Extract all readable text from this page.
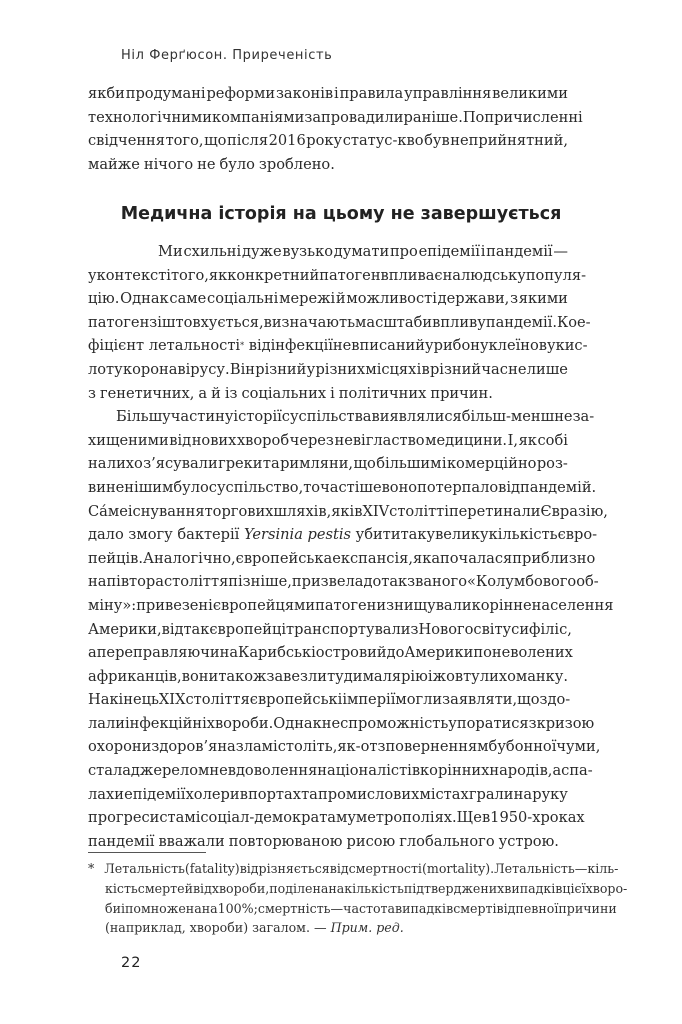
Ніл Ферґюсон. Приреченість
якби продумані реформи законів і правила управління великими
технологічними компаніями запровадили раніше. Попри численні
свідчення того, що після 2016 року статус-кво був неприйнятний,
майже нічого не було зроблено.
Медична історія на цьому не завершується
Ми схильні дуже вузько думати про епідемії і пандемії —
у контексті того, як конкретний патоген впливає на людську популя-
цію. Однак саме соціальні мережі й можливості держави, з якими
патоген зіштовхується, визначають масштаби впливу пандемії. Кое-
фіцієнт летальності *
від інфекції не вписаний у рибонуклеїнову кис-
лоту коронавірусу. Він різний у різних місцях і в різний час не лише
з генетичних, а й із соціальних і політичних причин.
Більшу частину історії суспільства виявлялися більш-менш неза-
хищеними від нових хвороб через невігластво медицини. І, як собі
на лихо з’ясували греки та римляни, що більшим і комерційно роз-
виненішим було суспільство, то частіше воно потерпало від пандемій.
Са́ме існування торгових шляхів, які в XIV столітті перетинали Євразію,
дало змогу бактерії
Yersinia pestis
убити таку велику кількість євро-
пейців. Аналогічно, європейська експансія, яка почалася приблизно
на півтора століття пізніше, призвела до так званого «Колумбового об-
міну»: привезені європейцями патогени знищували корінне населення
Америки, відтак європейці транспортували з Нового світу сифіліс,
а переправляючи на Карибські острови й до Америки поневолених
африканців, вони також завезли туди малярію і жовту лихоманку.
На кінець XIX століття європейські імперії могли заявляти, що здо-
лали інфекційні хвороби. Однак неспроможність упоратися з кризою
охорони здоров’я на зламі століть, як-от з поверненням бубонної чуми,
стала джерелом невдоволення націоналістів корінних народів, а спа-
лахи епідемії холери в портах та промислових містах грали на руку
прогресистам і соціал-демократам у метрополіях. Ще в 1950-х роках
пандемії вважали повторюваною рисою глобального устрою.
* Летальність (fatality) відрізняється від смертності (mortality). Летальність — кіль-
кість смертей від хвороби, поділена на кількість підтверджених випадків цієї хворо-
би і помножена на 100 %; смертність — частота випадків смерті від певної причини
(наприклад, хвороби) загалом. —
Прим. ред.
22
